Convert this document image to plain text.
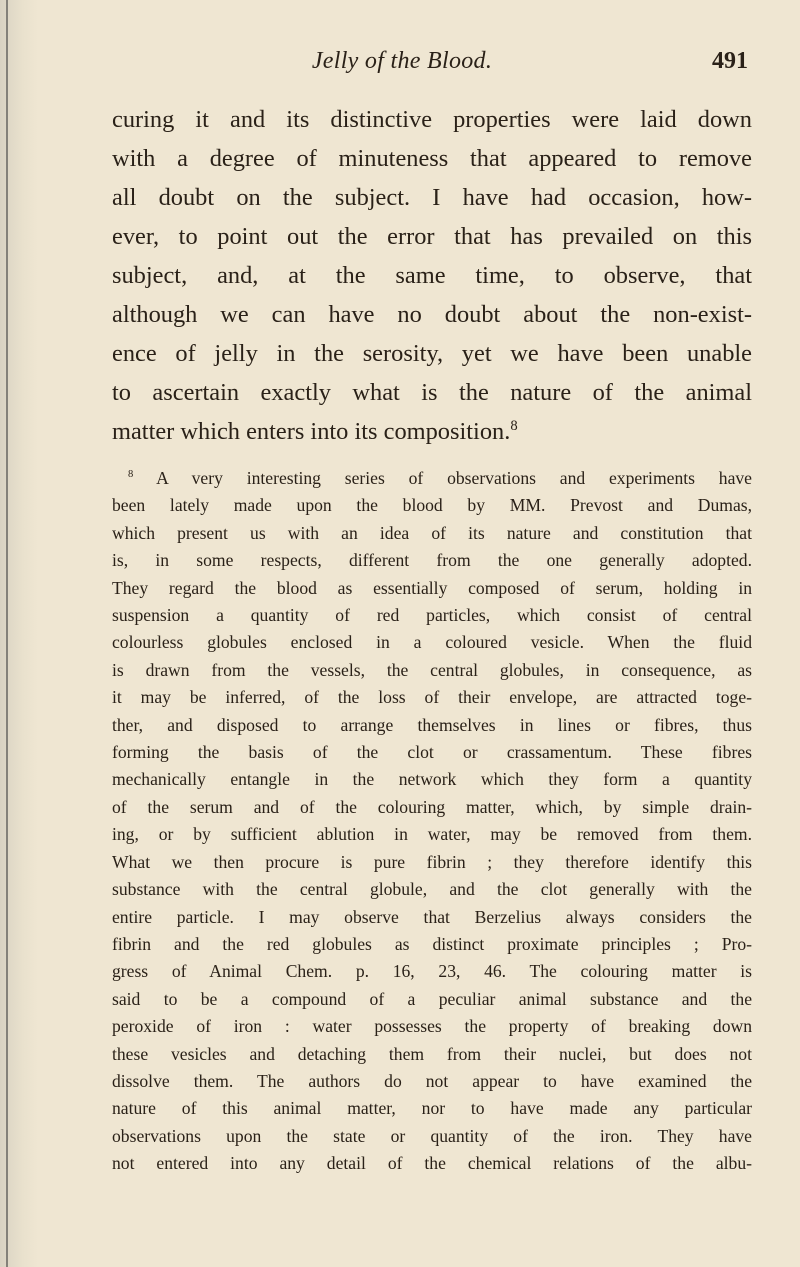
Jelly of the Blood.	491
curing it and its distinctive properties were laid down
with a degree of minuteness that appeared to remove
all doubt on the subject. I have had occasion, how-
ever, to point out the error that has prevailed on this
subject, and, at the same time, to observe, that
although we can have no doubt about the non-exist-
ence of jelly in the serosity, yet we have been unable
to ascertain exactly what is the nature of the animal
matter which enters into its composition.$^8$
$^8$ A very interesting series of observations and experiments have
been lately made upon the blood by MM. Prevost and Dumas,
which present us with an idea of its nature and constitution that
is, in some respects, different from the one generally adopted.
They regard the blood as essentially composed of serum, holding in
suspension a quantity of red particles, which consist of central
colourless globules enclosed in a coloured vesicle. When the fluid
is drawn from the vessels, the central globules, in consequence, as
it may be inferred, of the loss of their envelope, are attracted toge-
ther, and disposed to arrange themselves in lines or fibres, thus
forming the basis of the clot or crassamentum. These fibres
mechanically entangle in the network which they form a quantity
of the serum and of the colouring matter, which, by simple drain-
ing, or by sufficient ablution in water, may be removed from them.
What we then procure is pure fibrin ; they therefore identify this
substance with the central globule, and the clot generally with the
entire particle. I may observe that Berzelius always considers the
fibrin and the red globules as distinct proximate principles ; Pro-
gress of Animal Chem. p. 16, 23, 46. The colouring matter is
said to be a compound of a peculiar animal substance and the
peroxide of iron : water possesses the property of breaking down
these vesicles and detaching them from their nuclei, but does not
dissolve them. The authors do not appear to have examined the
nature of this animal matter, nor to have made any particular
observations upon the state or quantity of the iron. They have
not entered into any detail of the chemical relations of the albu-
